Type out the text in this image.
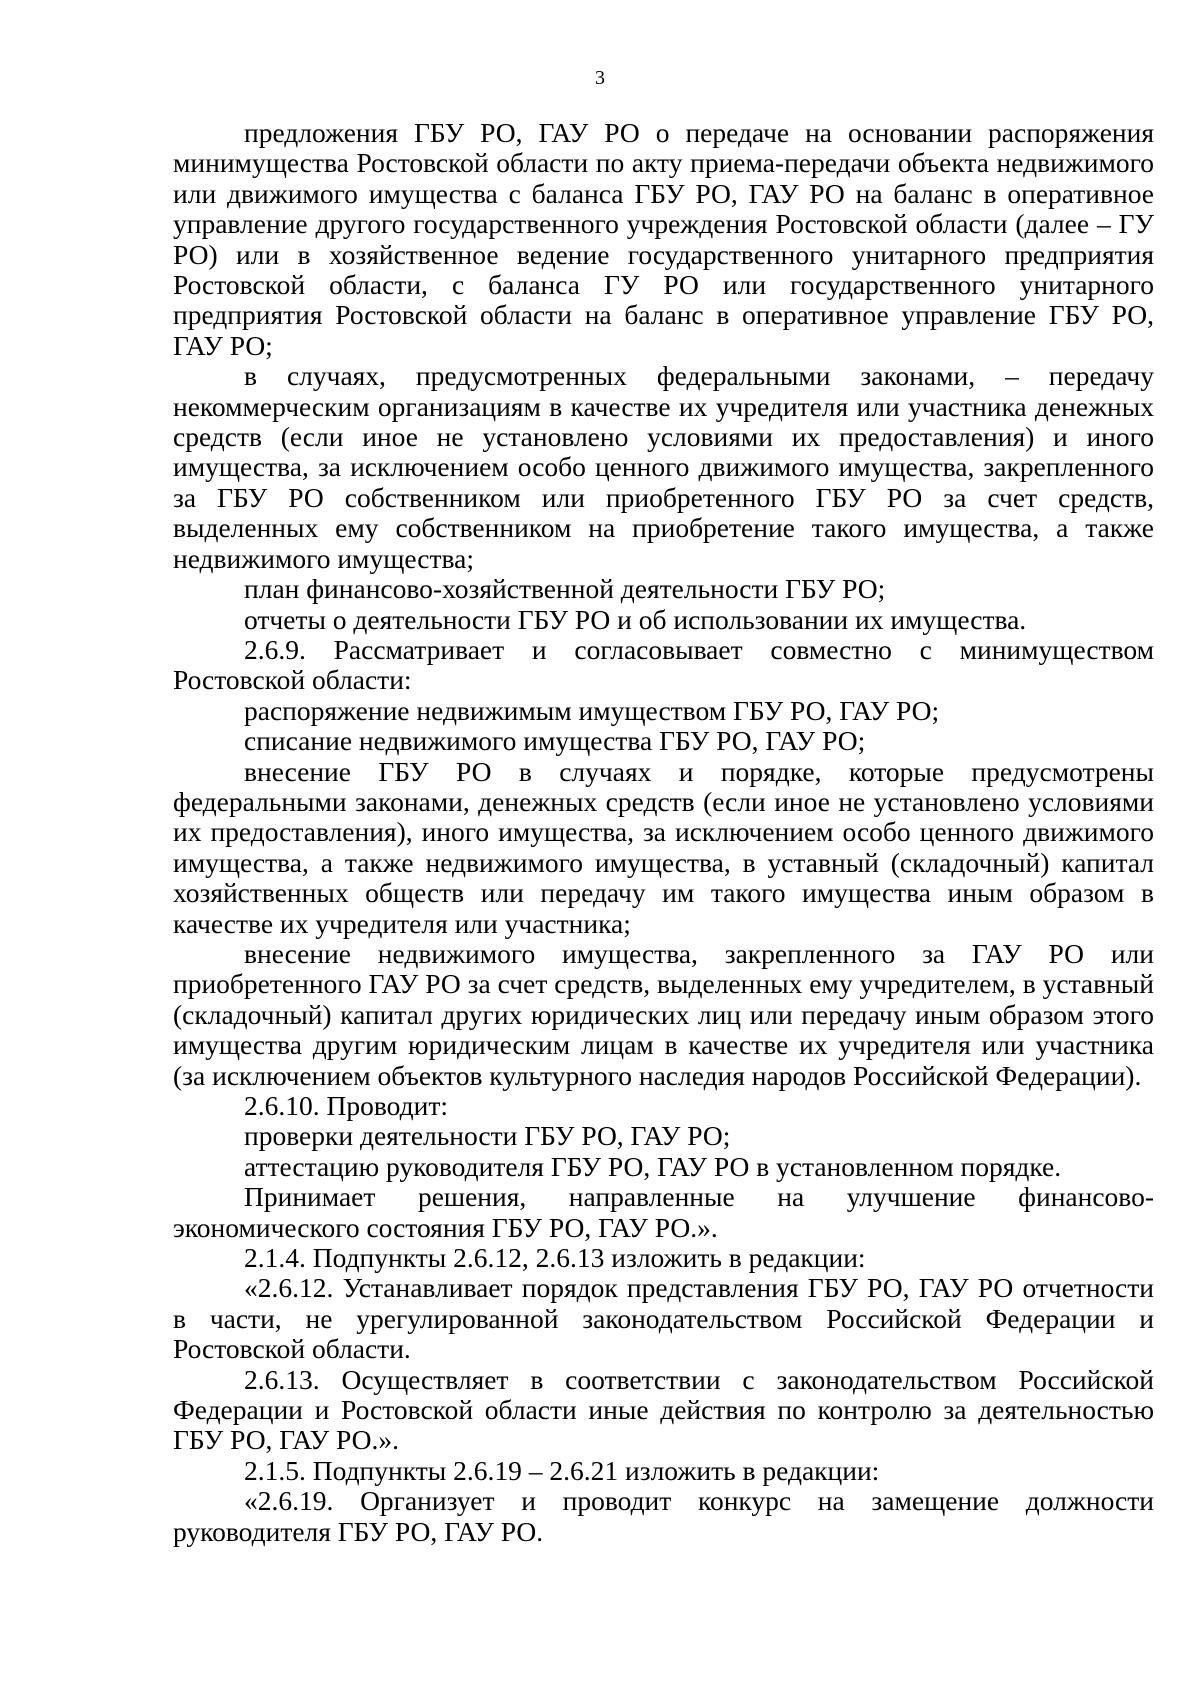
3

предложения ГБУ РО, ГАУ РО о передаче на основании распоряжения минимущества Ростовской области по акту приема-передачи объекта недвижимого или движимого имущества с баланса ГБУ РО, ГАУ РО на баланс в оперативное управление другого государственного учреждения Ростовской области (далее – ГУ РО) или в хозяйственное ведение государственного унитарного предприятия Ростовской области, с баланса ГУ РО или государственного унитарного предприятия Ростовской области на баланс в оперативное управление ГБУ РО, ГАУ РО;

в случаях, предусмотренных федеральными законами, – передачу некоммерческим организациям в качестве их учредителя или участника денежных средств (если иное не установлено условиями их предоставления) и иного имущества, за исключением особо ценного движимого имущества, закрепленного за ГБУ РО собственником или приобретенного ГБУ РО за счет средств, выделенных ему собственником на приобретение такого имущества, а также недвижимого имущества;

план финансово-хозяйственной деятельности ГБУ РО;

отчеты о деятельности ГБУ РО и об использовании их имущества.

2.6.9. Рассматривает и согласовывает совместно с минимуществом Ростовской области:

распоряжение недвижимым имуществом ГБУ РО, ГАУ РО;

списание недвижимого имущества ГБУ РО, ГАУ РО;

внесение ГБУ РО в случаях и порядке, которые предусмотрены федеральными законами, денежных средств (если иное не установлено условиями их предоставления), иного имущества, за исключением особо ценного движимого имущества, а также недвижимого имущества, в уставный (складочный) капитал хозяйственных обществ или передачу им такого имущества иным образом в качестве их учредителя или участника;

внесение недвижимого имущества, закрепленного за ГАУ РО или приобретенного ГАУ РО за счет средств, выделенных ему учредителем, в уставный (складочный) капитал других юридических лиц или передачу иным образом этого имущества другим юридическим лицам в качестве их учредителя или участника (за исключением объектов культурного наследия народов Российской Федерации).

2.6.10. Проводит:

проверки деятельности ГБУ РО, ГАУ РО;

аттестацию руководителя ГБУ РО, ГАУ РО в установленном порядке.

Принимает решения, направленные на улучшение финансово-экономического состояния ГБУ РО, ГАУ РО.».

2.1.4. Подпункты 2.6.12, 2.6.13 изложить в редакции:

«2.6.12. Устанавливает порядок представления ГБУ РО, ГАУ РО отчетности в части, не урегулированной законодательством Российской Федерации и Ростовской области.

2.6.13. Осуществляет в соответствии с законодательством Российской Федерации и Ростовской области иные действия по контролю за деятельностью ГБУ РО, ГАУ РО.».

2.1.5. Подпункты 2.6.19 – 2.6.21 изложить в редакции:

«2.6.19. Организует и проводит конкурс на замещение должности руководителя ГБУ РО, ГАУ РО.
